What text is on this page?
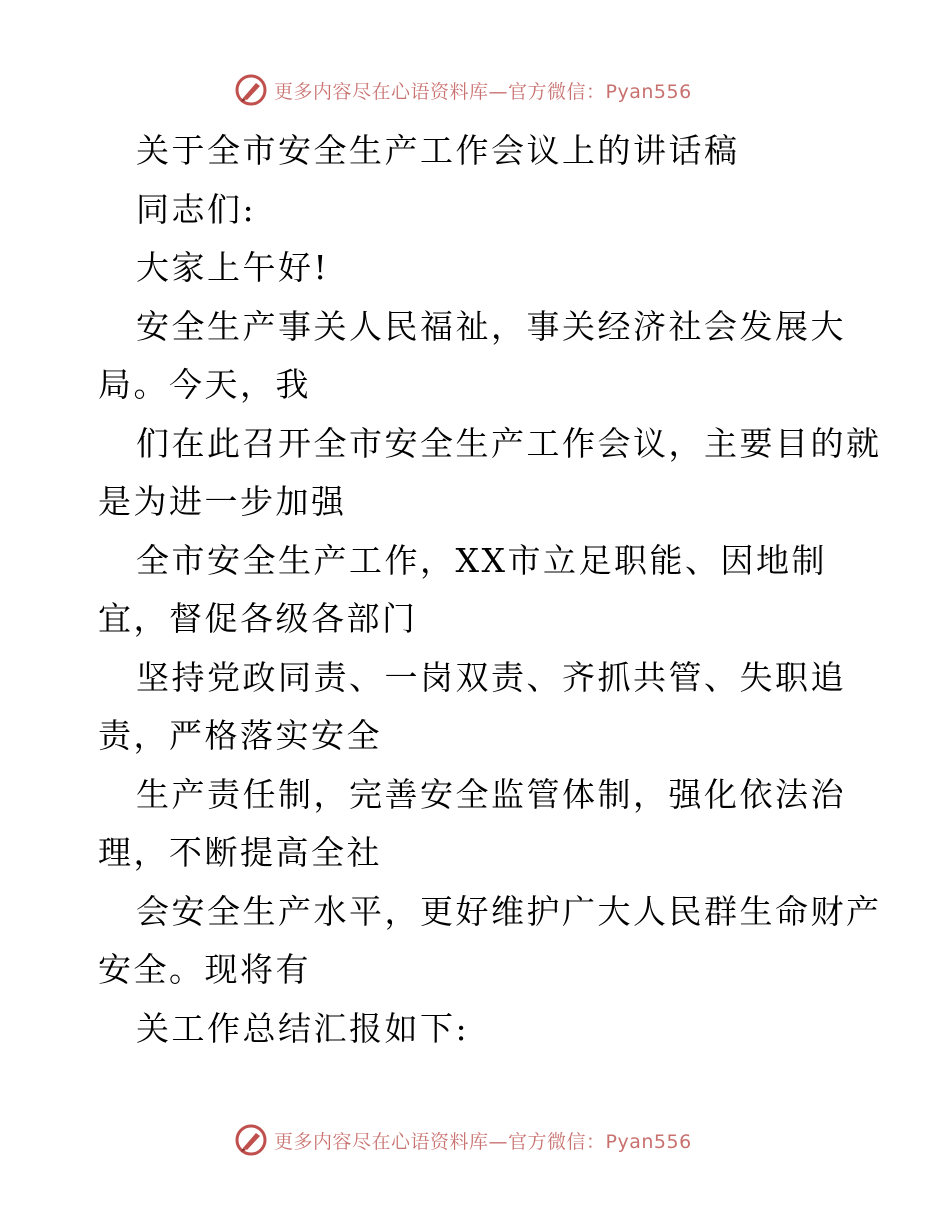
更多内容尽在心语资料库—官方微信：Pyan556
关于全市安全生产工作会议上的讲话稿
同志们:
大家上午好!
安全生产事关人民福祉，事关经济社会发展大
局。今天，我
们在此召开全市安全生产工作会议，主要目的就
是为进一步加强
全市安全生产工作，XX市立足职能、因地制
宜，督促各级各部门
坚持党政同责、一岗双责、齐抓共管、失职追
责，严格落实安全
生产责任制，完善安全监管体制，强化依法治
理，不断提高全社
会安全生产水平，更好维护广大人民群生命财产
安全。现将有
关工作总结汇报如下:
更多内容尽在心语资料库—官方微信：Pyan556
